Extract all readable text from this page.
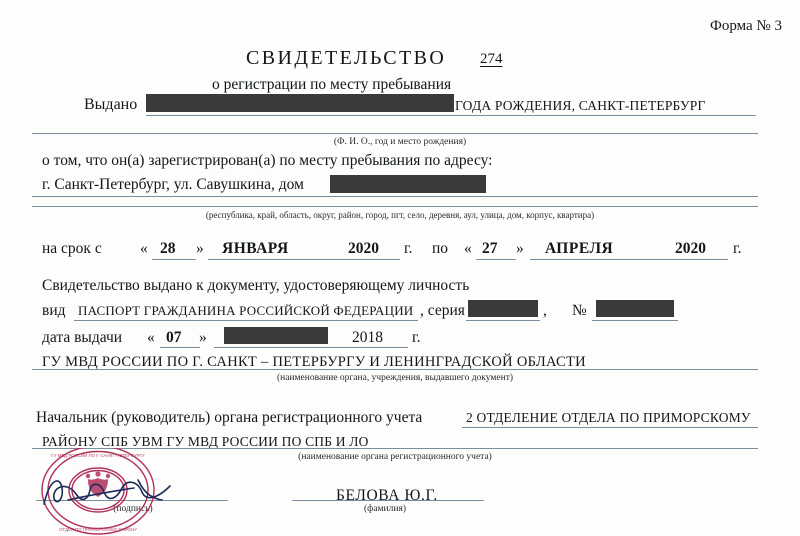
Форма № 3
СВИДЕТЕЛЬСТВО 274
о регистрации по месту пребывания
Выдано	ГОДА РОЖДЕНИЯ, САНКТ-ПЕТЕРБУРГ
(Ф. И. О., год и место рождения)
о том, что он(а) зарегистрирован(а) по месту пребывания по адресу:
г. Санкт-Петербург, ул. Савушкина, дом
(республика, край, область, округ, район, город, пгт, село, деревня, аул, улица, дом, корпус, квартира)
на срок с « 28 » ЯНВАРЯ	2020 г. по « 27 » АПРЕЛЯ	2020 г.
Свидетельство выдано к документу, удостоверяющему личность
вид ПАСПОРТ ГРАЖДАНИНА РОССИЙСКОЙ ФЕДЕРАЦИИ , серия	, №
дата выдачи « 07 »	2018 г.
ГУ МВД РОССИИ ПО Г. САНКТ – ПЕТЕРБУРГУ И ЛЕНИНГРАДСКОЙ ОБЛАСТИ
(наименование органа, учреждения, выдавшего документ)
Начальник (руководитель) органа регистрационного учета	2 ОТДЕЛЕНИЕ ОТДЕЛА ПО ПРИМОРСКОМУ
РАЙОНУ СПБ УВМ ГУ МВД РОССИИ ПО СПБ И ЛО
(наименование органа регистрационного учета)
(подпись)
БЕЛОВА Ю.Г.
(фамилия)
ГУ МВД РОССИИ ПО Г. САНКТ-ПЕТЕРБУРГУ
ОТДЕЛ ПО ПРИМОРСКОМУ РАЙОНУ
